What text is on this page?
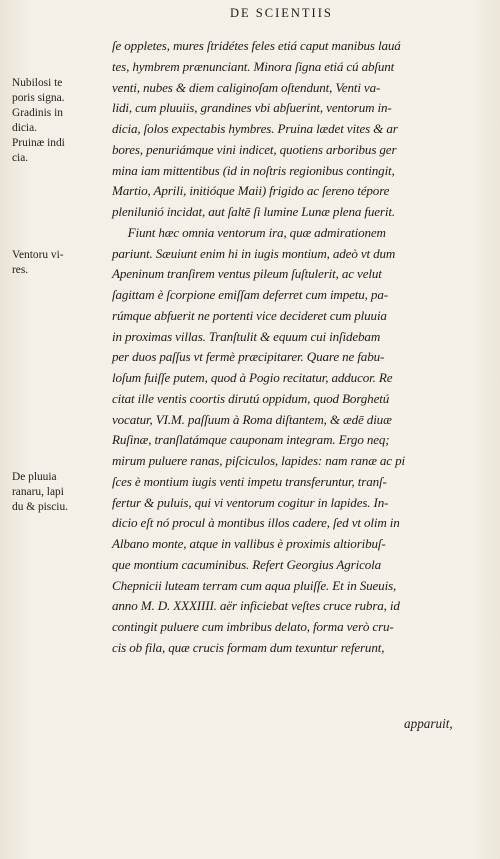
DE SCIENTIIS
Nubilosi te
poris signa.
Gradinis in
dicia.
Pruinæ indi
cia.
Ventoru vi-
res.
De pluuia
ranaru, lapi
du & pisciu.
ſe oppletes, mures ſtridétes feles etiá caput manibus lauá
tes, hymbrem prænunciant. Minora ſigna etiá cú abſunt
venti, nubes & diem caliginoſam oſtendunt, Venti va-
lidi, cum pluuiis, grandines vbi abſuerint, ventorum in-
dicia, ſolos expectabis hymbres. Pruina lædet vites & ar
bores, penuriámque vini indicet, quotiens arboribus ger
mina iam mittentibus (id in noſtris regionibus contingit,
Martio, Aprili, initióque Maii) frigido ac ſereno tépore
plenilunió incidat, aut ſaltē ſi lumine Lunæ plena fuerit.
Fiunt hæc omnia ventorum ira, quæ admirationem
pariunt. Sæuiunt enim hi in iugis montium, adeò vt dum
Apeninum tranſirem ventus pileum ſuſtulerit, ac velut
ſagittam è ſcorpione emiſſam deferret cum impetu, pa-
rúmque abfuerit ne portenti vice decideret cum pluuia
in proximas villas. Tranſtulit & equum cui inſidebam
per duos paſſus vt fermè præcipitarer. Quare ne fabu-
loſum fuiſſe putem, quod à Pogio recitatur, adducor. Re
citat ille ventis coortis dirutú oppidum, quod Borghetú
vocatur, VI.M. paſſuum à Roma diſtantem, & ædē diuæ
Ruſinæ, tranſlatámque cauponam integram. Ergo neq;
mirum puluere ranas, piſciculos, lapides: nam ranæ ac pi
ſces è montium iugis venti impetu transferuntur, tranſ-
fertur & puluis, qui vi ventorum cogitur in lapides. In-
dicio eſt nó procul à montibus illos cadere, ſed vt olim in
Albano monte, atque in vallibus è proximis altioribuſ-
que montium cacuminibus. Refert Georgius Agricola
Chepnicii luteam terram cum aqua pluiſſe. Et in Sueuis,
anno M. D. XXXIIII. aër inficiebat veſtes cruce rubra, id
contingit puluere cum imbribus delato, forma verò cru-
cis ob fila, quæ crucis formam dum texuntur referunt,
apparuit,
